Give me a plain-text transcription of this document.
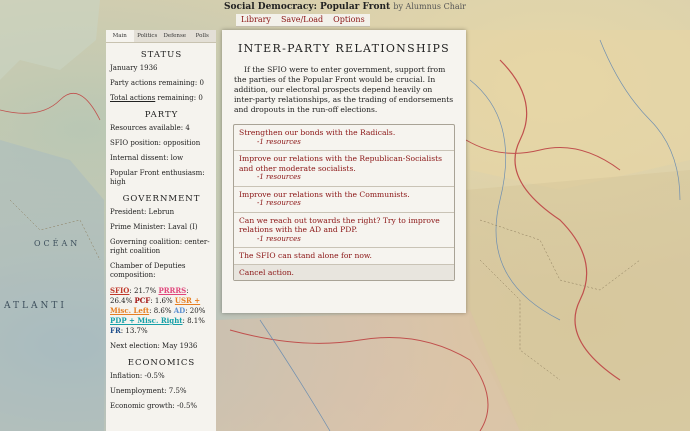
OCÉAN
ATLANTI
Social Democracy: Popular Front by Alumnus Chair
Library	Save/Load	Options
Main	Politics	Defense	Polls
STATUS

January 1936

Party actions remaining: 0

Total actions remaining: 0

PARTY

Resources available: 4

SFIO position: opposition

Internal dissent: low

Popular Front enthusiasm: high

GOVERNMENT

President: Lebrun

Prime Minister: Laval (I)

Governing coalition: center-right coalition

Chamber of Deputies composition:

SFIO: 21.7% PRRRS: 26.4% PCF: 1.6% USR + Misc. Left: 8.6% AD: 20% PDP + Misc. Right: 8.1% FR: 13.7%

Next election: May 1936

ECONOMICS

Inflation: -0.5%

Unemployment: 7.5%

Economic growth: -0.5%

INTER-PARTY RELATIONSHIPS

If the SFIO were to enter government, support from the parties of the Popular Front would be crucial. In addition, our electoral prospects depend heavily on inter-party relationships, as the trading of endorsements and dropouts in the run-off elections.

Strengthen our bonds with the Radicals.
-1 resources
Improve our relations with the Republican-Socialists and other moderate socialists.
-1 resources
Improve our relations with the Communists.
-1 resources
Can we reach out towards the right? Try to improve relations with the AD and PDP.
-1 resources
The SFIO can stand alone for now.
Cancel action.
